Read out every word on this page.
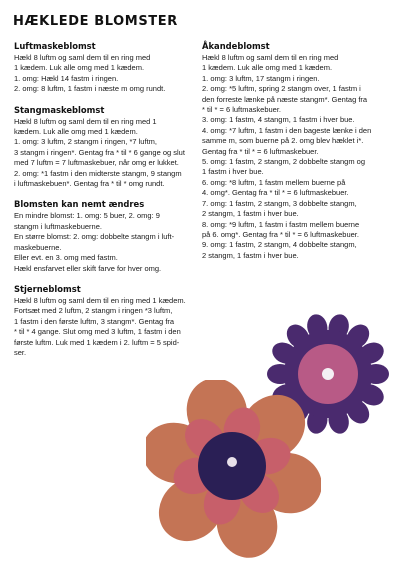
HÆKLEDE BLOMSTER
Luftmaskeblomst
Hækl 8 luftm og saml dem til en ring med
1 kædem. Luk alle omg med 1 kædem.
1. omg: Hækl 14 fastm i ringen.
2. omg: 8 luftm, 1 fastm i næste m omg rundt.
Stangmaskeblomst
Hækl 8 luftm og saml dem til en ring med 1
kædem. Luk alle omg med 1 kædem.
1. omg: 3 luftm, 2 stangm i ringen, *7 luftm,
3 stangm i ringen*. Gentag fra * til * 6 gange og slut
med 7 luftm = 7 luftmaskebuer, når omg er lukket.
2. omg: *1 fastm i den midterste stangm, 9 stangm
i luftmaskebuen*. Gentag fra * til * omg rundt.
Blomsten kan nemt ændres
En mindre blomst: 1. omg: 5 buer, 2. omg: 9
stangm i luftmaskebuerne.
En større blomst: 2. omg: dobbelte stangm i luft-
maskebuerne.
Eller evt. en 3. omg med fastm.
Hækl ensfarvet eller skift farve for hver omg.
Stjerneblomst
Hækl 8 luftm og saml dem til en ring med 1 kædem.
Fortsæt med 2 luftm, 2 stangm i ringen *3 luftm,
1 fastm i den første luftm, 3 stangm*. Gentag fra
* til * 4 gange. Slut omg med 3 luftm, 1 fastm i den
første luftm. Luk med 1 kædem i 2. luftm = 5 spid-
ser.
Åkandeblomst
Hækl 8 luftm og saml dem til en ring med
1 kædem. Luk alle omg med 1 kædem.
1. omg: 3 luftm, 17 stangm i ringen.
2. omg: *5 luftm, spring 2 stangm over, 1 fastm i
den forreste lænke på næste stangm*. Gentag fra
* til * = 6 luftmaskebuer.
3. omg: 1 fastm, 4 stangm, 1 fastm i hver bue.
4. omg: *7 luftm, 1 fastm i den bageste lænke i den
samme m, som buerne på 2. omg blev hæklet i*.
Gentag fra * til * = 6 luftmaskebuer.
5. omg: 1 fastm, 2 stangm, 2 dobbelte stangm og
1 fastm i hver bue.
6. omg: *8 luftm, 1 fastm mellem buerne på
4. omg*. Gentag fra * til * = 6 luftmaskebuer.
7. omg: 1 fastm, 2 stangm, 3 dobbelte stangm,
2 stangm, 1 fastm i hver bue.
8. omg: *9 luftm, 1 fastm i fastm mellem buerne
på 6. omg*. Gentag fra * til * = 6 luftmaskebuer.
9. omg: 1 fastm, 2 stangm, 4 dobbelte stangm,
2 stangm, 1 fastm i hver bue.
